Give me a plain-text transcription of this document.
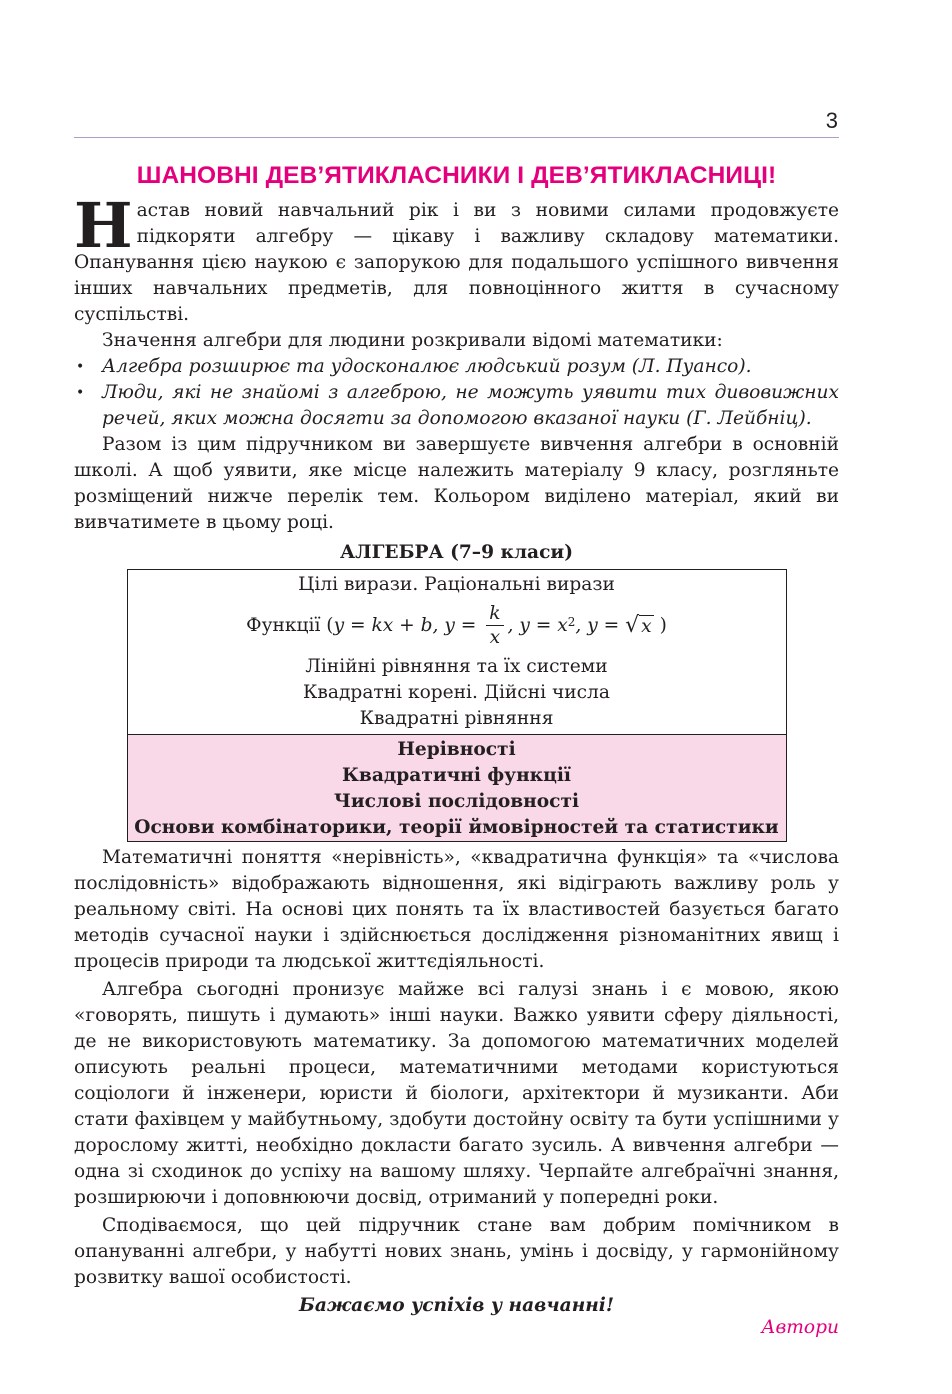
3
ШАНОВНІ ДЕВ’ЯТИКЛАСНИКИ І ДЕВ’ЯТИКЛАСНИЦІ!

Настав новий навчальний рік і ви з новими силами продовжуєте підкоряти алгебру — цікаву і важливу складову математики. Опанування цією наукою є запорукою для подальшого успішного вивчення інших навчальних предметів, для повноцінного життя в сучасному суспільстві.

Значення алгебри для людини розкривали відомі математики:

• Алгебра розширює та удосконалює людський розум (Л. Пуансо).
• Люди, які не знайомі з алгеброю, не можуть уявити тих дивовижних речей, яких можна досягти за допомогою вказаної науки (Г. Лейбніц).

Разом із цим підручником ви завершуєте вивчення алгебри в основній школі. А щоб уявити, яке місце належить матеріалу 9 класу, розгляньте розміщений нижче перелік тем. Кольором виділено матеріал, який ви вивчатимете в цьому році.

АЛГЕБРА (7–9 класи)
Цілі вирази. Раціональні вирази
Функції ( y = kx + b, $y = \frac{k}{x}$ , $y = x^2$ , y = √ x )
Лінійні рівняння та їх системи
Квадратні корені. Дійсні числа
Квадратні рівняння
Нерівності
Квадратичні функції
Числові послідовності
Основи комбінаторики, теорії ймовірностей та статистики

Математичні поняття «нерівність», «квадратична функція» та «числова послідовність» відображають відношення, які відіграють важливу роль у реальному світі. На основі цих понять та їх властивостей базується багато методів сучасної науки і здійснюється дослідження різноманітних явищ і процесів природи та людської життєдіяльності.

Алгебра сьогодні пронизує майже всі галузі знань і є мовою, якою «говорять, пишуть і думають» інші науки. Важко уявити сферу діяльності, де не використовують математику. За допомогою математичних моделей описують реальні процеси, математичними методами користуються соціологи й інженери, юристи й біологи, архітектори й музиканти. Аби стати фахівцем у майбутньому, здобути достойну освіту та бути успішними у дорослому житті, необхідно докласти багато зусиль. А вивчення алгебри — одна зі сходинок до успіху на вашому шляху. Черпайте алгебраїчні знання, розширюючи і доповнюючи досвід, отриманий у попередні роки.

Сподіваємося, що цей підручник стане вам добрим помічником в опануванні алгебри, у набутті нових знань, умінь і досвіду, у гармонійному розвитку вашої особистості.

Бажаємо успіхів у навчанні!
Автори
